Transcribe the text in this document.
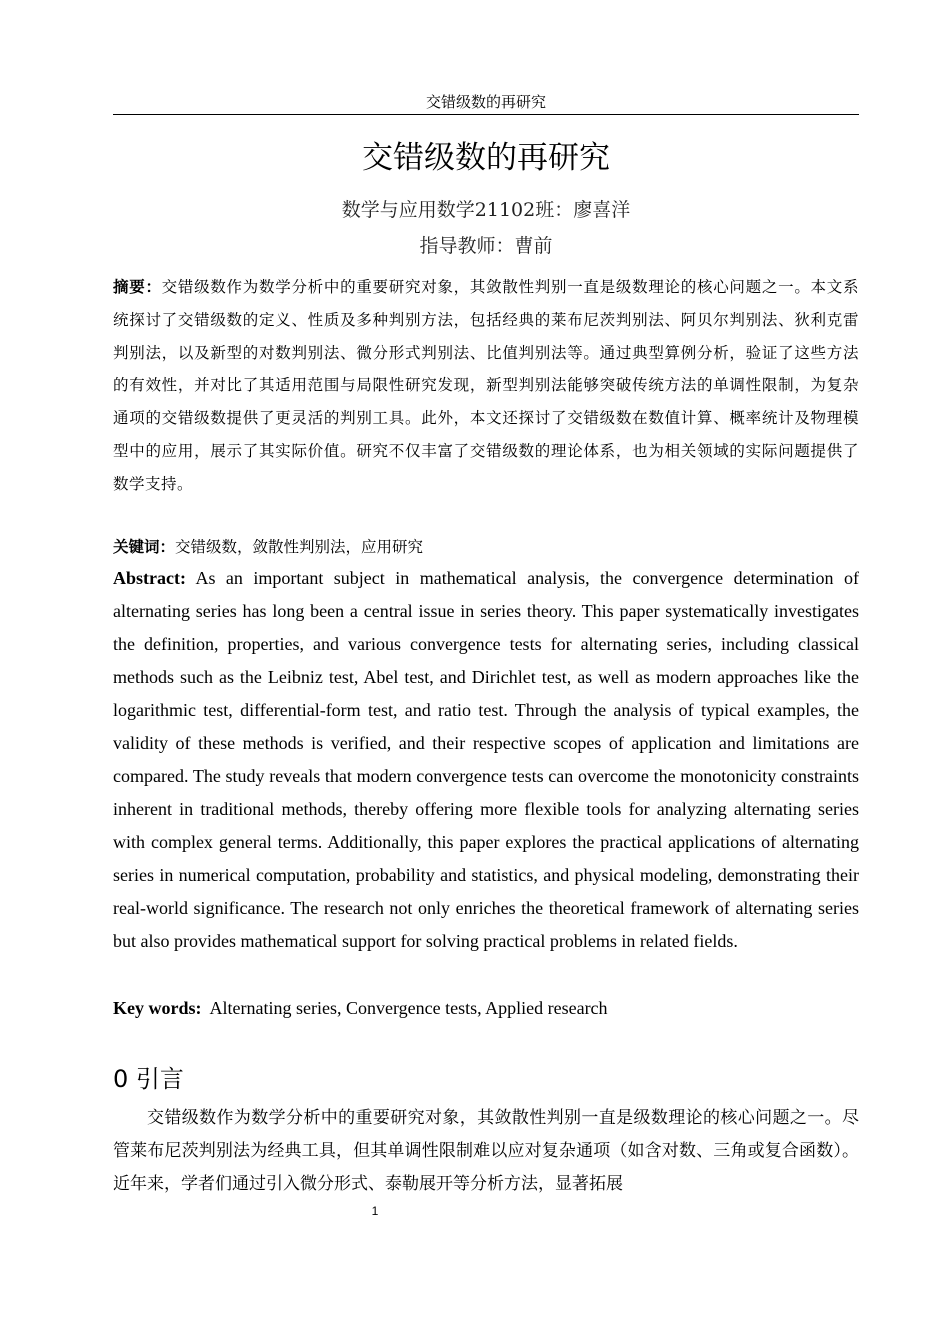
交错级数的再研究
交错级数的再研究
数学与应用数学21102班：廖喜洋
指导教师：曹前
摘要：交错级数作为数学分析中的重要研究对象，其敛散性判别一直是级数理论的核心问题之一。本文系统探讨了交错级数的定义、性质及多种判别方法，包括经典的莱布尼茨判别法、阿贝尔判别法、狄利克雷判别法，以及新型的对数判别法、微分形式判别法、比值判别法等。通过典型算例分析，验证了这些方法的有效性，并对比了其适用范围与局限性研究发现，新型判别法能够突破传统方法的单调性限制，为复杂通项的交错级数提供了更灵活的判别工具。此外，本文还探讨了交错级数在数值计算、概率统计及物理模型中的应用，展示了其实际价值。研究不仅丰富了交错级数的理论体系，也为相关领域的实际问题提供了数学支持。
关键词：交错级数，敛散性判别法，应用研究
Abstract: As an important subject in mathematical analysis, the convergence determination of alternating series has long been a central issue in series theory. This paper systematically investigates the definition, properties, and various convergence tests for alternating series, including classical methods such as the Leibniz test, Abel test, and Dirichlet test, as well as modern approaches like the logarithmic test, differential-form test, and ratio test. Through the analysis of typical examples, the validity of these methods is verified, and their respective scopes of application and limitations are compared. The study reveals that modern convergence tests can overcome the monotonicity constraints inherent in traditional methods, thereby offering more flexible tools for analyzing alternating series with complex general terms. Additionally, this paper explores the practical applications of alternating series in numerical computation, probability and statistics, and physical modeling, demonstrating their real-world significance. The research not only enriches the theoretical framework of alternating series but also provides mathematical support for solving practical problems in related fields.
Key words:  Alternating series, Convergence tests, Applied research
0 引言
交错级数作为数学分析中的重要研究对象，其敛散性判别一直是级数理论的核心问题之一。尽管莱布尼茨判别法为经典工具，但其单调性限制难以应对复杂通项（如含对数、三角或复合函数）。近年来，学者们通过引入微分形式、泰勒展开等分析方法，显著拓展
1
